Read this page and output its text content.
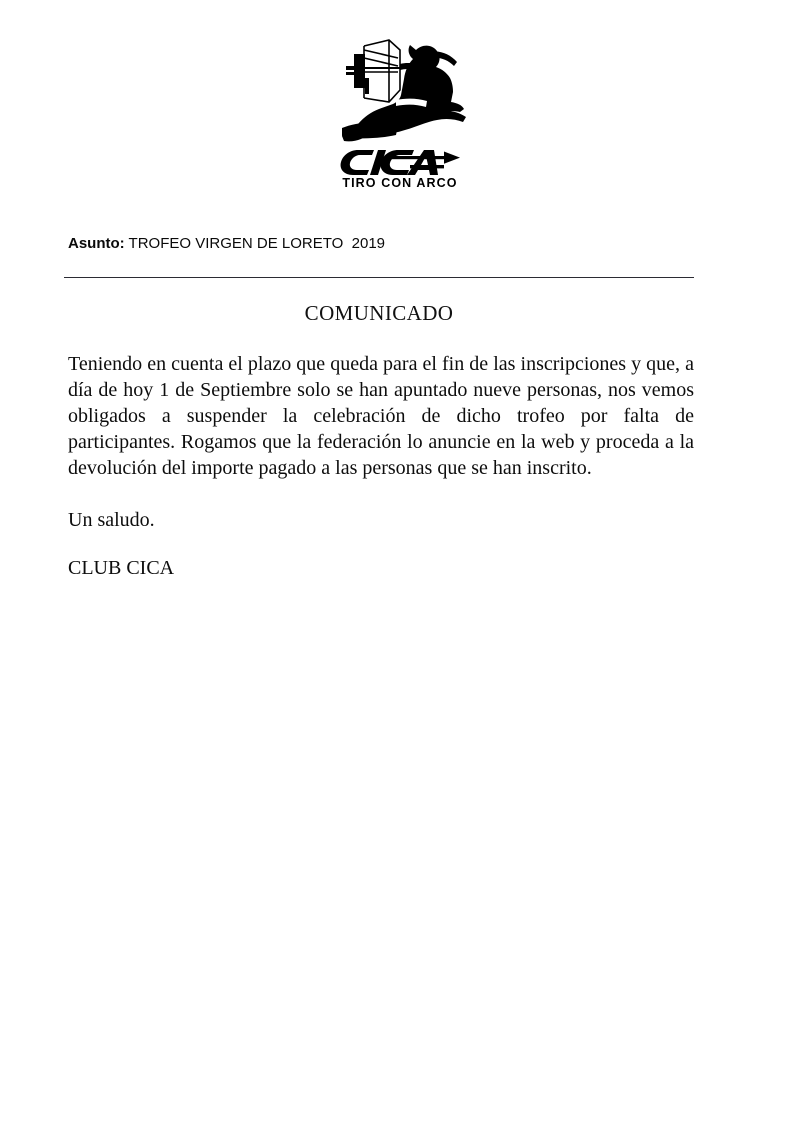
TIRO CON ARCO
Asunto: TROFEO VIRGEN DE LORETO  2019
COMUNICADO

Teniendo en cuenta el plazo que queda para el fin de las inscripciones y que, a día de hoy 1 de Septiembre solo se han apuntado nueve personas, nos vemos obligados a suspender la celebración de dicho trofeo por falta de participantes. Rogamos que la federación lo anuncie en la web y proceda a la devolución del importe pagado a las personas que se han inscrito.

Un saludo.

CLUB CICA
